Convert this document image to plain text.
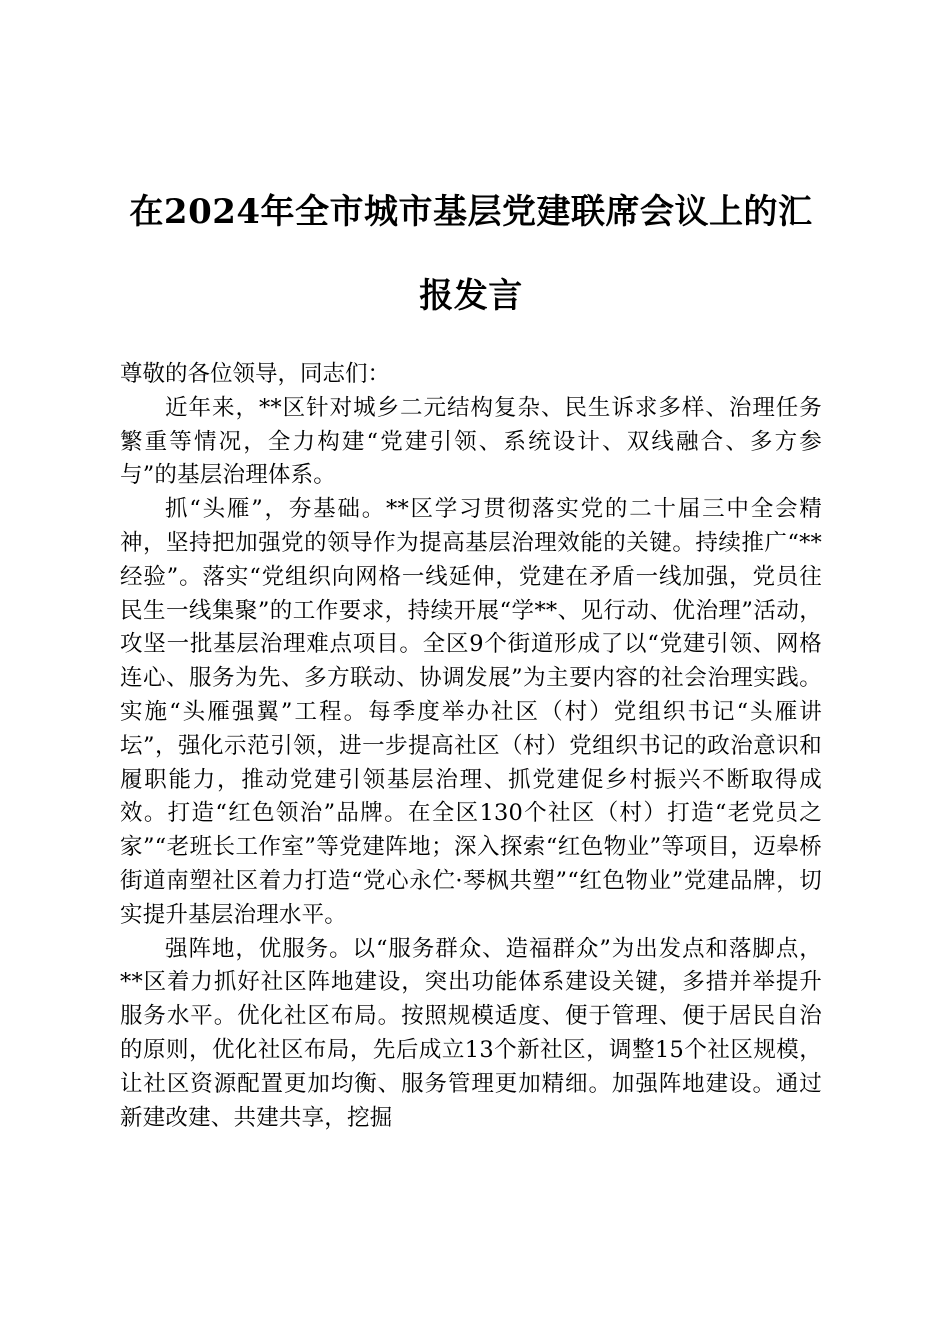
在2024年全市城市基层党建联席会议上的汇
报发言

尊敬的各位领导，同志们：

近年来，**区针对城乡二元结构复杂、民生诉求多样、治理任务繁重等情况，全力构建“党建引领、系统设计、双线融合、多方参与”的基层治理体系。

抓“头雁”，夯基础。**区学习贯彻落实党的二十届三中全会精神，坚持把加强党的领导作为提高基层治理效能的关键。持续推广“**经验”。落实“党组织向网格一线延伸，党建在矛盾一线加强，党员往民生一线集聚”的工作要求，持续开展“学**、见行动、优治理”活动，攻坚一批基层治理难点项目。全区9个街道形成了以“党建引领、网格连心、服务为先、多方联动、协调发展”为主要内容的社会治理实践。实施“头雁强翼”工程。每季度举办社区（村）党组织书记“头雁讲坛”，强化示范引领，进一步提高社区（村）党组织书记的政治意识和履职能力，推动党建引领基层治理、抓党建促乡村振兴不断取得成效。打造“红色领治”品牌。在全区130个社区（村）打造“老党员之家”“老班长工作室”等党建阵地；深入探索“红色物业”等项目，迈皋桥街道南塑社区着力打造“党心永伫·琴枫共塑”“红色物业”党建品牌，切实提升基层治理水平。

强阵地，优服务。以“服务群众、造福群众”为出发点和落脚点，**区着力抓好社区阵地建设，突出功能体系建设关键，多措并举提升服务水平。优化社区布局。按照规模适度、便于管理、便于居民自治的原则，优化社区布局，先后成立13个新社区，调整15个社区规模，让社区资源配置更加均衡、服务管理更加精细。加强阵地建设。通过新建改建、共建共享，挖掘
